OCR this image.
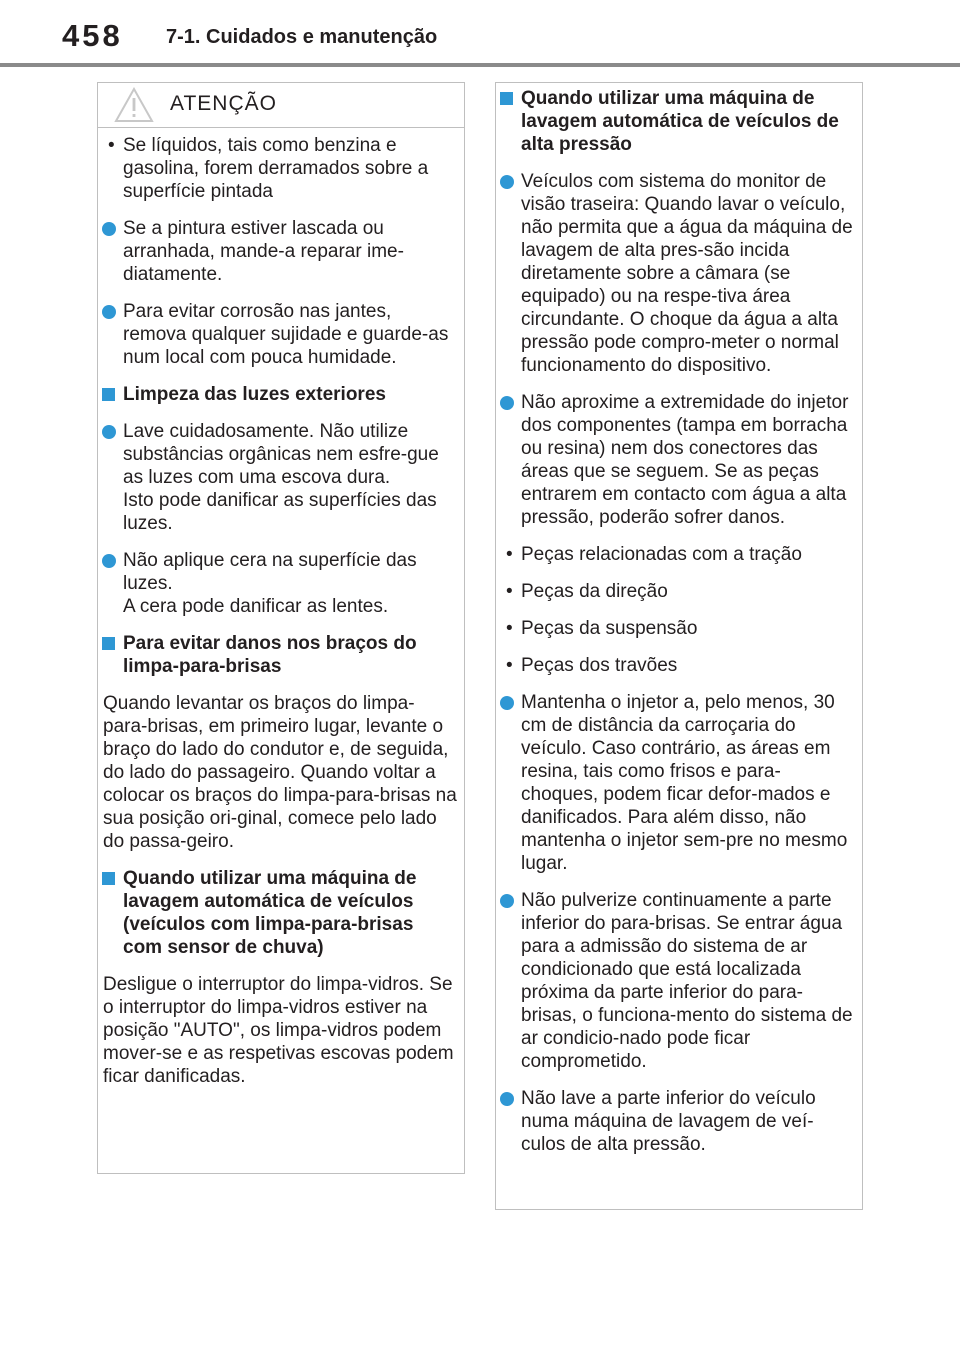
458 7-1. Cuidados e manutenção
ATENÇÃO
• Se líquidos, tais como benzina e gasolina, forem derramados sobre a superfície pintada
Se a pintura estiver lascada ou arranhada, mande-a reparar ime-diatamente.
Para evitar corrosão nas jantes, remova qualquer sujidade e guarde-as num local com pouca humidade.
Limpeza das luzes exteriores
Lave cuidadosamente. Não utilize substâncias orgânicas nem esfre-gue as luzes com uma escova dura.
Isto pode danificar as superfícies das luzes.
Não aplique cera na superfície das luzes.
A cera pode danificar as lentes.
Para evitar danos nos braços do limpa-para-brisas
Quando levantar os braços do limpa-para-brisas, em primeiro lugar, levante o braço do lado do condutor e, de seguida, do lado do passageiro. Quando voltar a colocar os braços do limpa-para-brisas na sua posição ori-ginal, comece pelo lado do passa-geiro.
Quando utilizar uma máquina de lavagem automática de veículos (veículos com limpa-para-brisas com sensor de chuva)
Desligue o interruptor do limpa-vidros. Se o interruptor do limpa-vidros estiver na posição "AUTO", os limpa-vidros podem mover-se e as respetivas escovas podem ficar danificadas.
Quando utilizar uma máquina de lavagem automática de veículos de alta pressão
Veículos com sistema do monitor de visão traseira: Quando lavar o veículo, não permita que a água da máquina de lavagem de alta pres-são incida diretamente sobre a câmara (se equipado) ou na respe-tiva área circundante. O choque da água a alta pressão pode compro-meter o normal funcionamento do dispositivo.
Não aproxime a extremidade do injetor dos componentes (tampa em borracha ou resina) nem dos conectores das áreas que se seguem. Se as peças entrarem em contacto com água a alta pressão, poderão sofrer danos.
• Peças relacionadas com a tração
• Peças da direção
• Peças da suspensão
• Peças dos travões
Mantenha o injetor a, pelo menos, 30 cm de distância da carroçaria do veículo. Caso contrário, as áreas em resina, tais como frisos e para-choques, podem ficar defor-mados e danificados. Para além disso, não mantenha o injetor sem-pre no mesmo lugar.
Não pulverize continuamente a parte inferior do para-brisas. Se entrar água para a admissão do sistema de ar condicionado que está localizada próxima da parte inferior do para-brisas, o funciona-mento do sistema de ar condicio-nado pode ficar comprometido.
Não lave a parte inferior do veículo numa máquina de lavagem de veí-culos de alta pressão.
